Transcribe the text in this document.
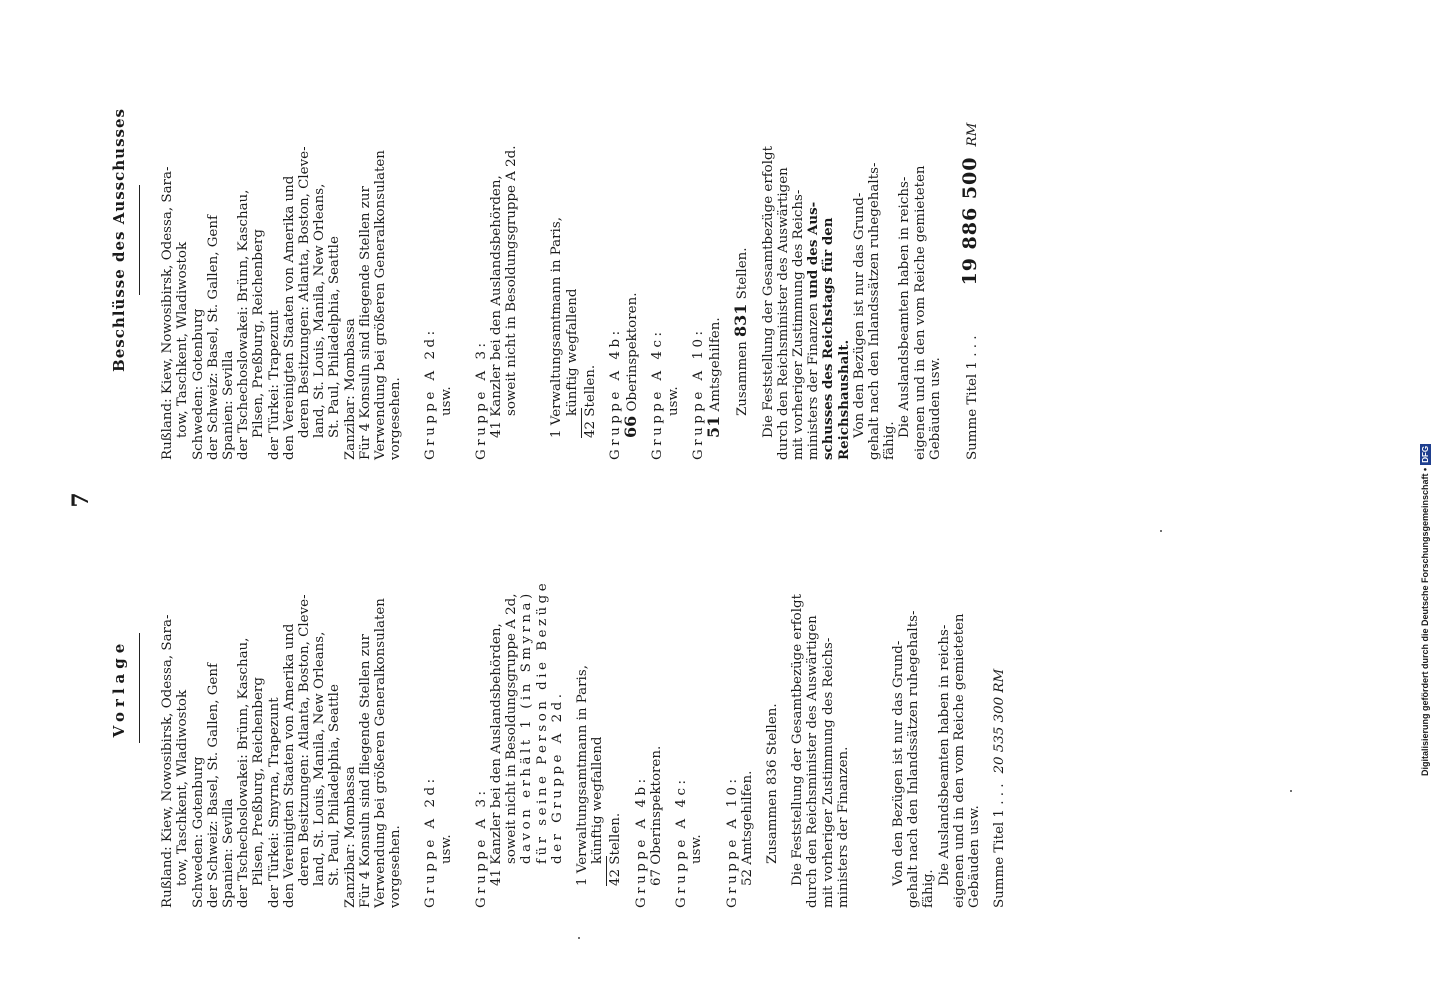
7
Vorlage Rußland: Kiew, Nowosibirsk, Odessa, Sara- tow, Taschkent, Wladiwostok Schweden: Gotenburg der Schweiz: Basel, St. Gallen, Genf Spanien: Sevilla der Tschechoslowakei: Brünn, Kaschau, Pilsen, Preßburg, Reichenberg der Türkei: Smyrna, Trapezunt den Vereinigten Staaten von Amerika und deren Besitzungen: Atlanta, Boston, Cleve- land, St. Louis, Manila, New Orleans, St. Paul, Philadelphia, Seattle Zanzibar: Mombassa Für 4 Konsuln sind fliegende Stellen zur Verwendung bei größeren Generalkonsulaten vorgesehen. Gruppe A 2d: usw. Gruppe A 3: 41 Kanzler bei den Auslandsbehörden, soweit nicht in Besoldungsgruppe A 2d, davon erhält 1 (in Smyrna) für seine Person die Bezüge der Gruppe A 2d. 1 Verwaltungsamtmann in Paris, künftig wegfallend 42 Stellen. Gruppe A 4b: 67 Oberinspektoren. Gruppe A 4c: usw. Gruppe A 10: 52 Amtsgehilfen. Zusammen 836 Stellen. Die Feststellung der Gesamtbezüge erfolgt durch den Reichsminister des Auswärtigen mit vorheriger Zustimmung des Reichs- ministers der Finanzen.	Von den Bezügen ist nur das Grund- gehalt nach den Inlandssätzen ruhegehalts- fähig.
Die Auslandsbeamten haben in reichs- eigenen und in den vom Reiche gemieteten Gebäuden usw. Summe Titel 1 . . .
20 535 300 RM
Beschlüsse des Ausschusses Rußland: Kiew, Nowosibirsk, Odessa, Sara- tow, Taschkent, Wladiwostok Schweden: Gotenburg der Schweiz: Basel, St. Gallen, Genf Spanien: Sevilla der Tschechoslowakei: Brünn, Kaschau, Pilsen, Preßburg, Reichenberg der Türkei: Trapezunt den Vereinigten Staaten von Amerika und deren Besitzungen: Atlanta, Boston, Cleve- land, St. Louis, Manila, New Orleans, St. Paul, Philadelphia, Seattle Zanzibar: Mombassa Für 4 Konsuln sind fliegende Stellen zur Verwendung bei größeren Generalkonsulaten vorgesehen. Gruppe A 2d: usw. Gruppe A 3: 41 Kanzler bei den Auslandsbehörden, soweit nicht in Besoldungsgruppe A 2d. 1 Verwaltungsamtmann in Paris, künftig wegfallend 42 Stellen. Gruppe A 4b:
66 Oberinspektoren. Gruppe A 4c: usw. Gruppe A 10:
51 Amtsgehilfen. Zusammen 831 Stellen. Die Feststellung der Gesamtbezüge erfolgt durch den Reichsminister des Auswärtigen mit vorheriger Zustimmung des Reichs- ministers der Finanzen und des Aus- schusses des Reichstags für den Reichshaushalt. Von den Bezügen ist nur das Grund- gehalt nach den Inlandssätzen ruhegehalts- fähig.
Die Auslandsbeamten haben in reichs- eigenen und in den vom Reiche gemieteten Gebäuden usw. Summe Titel 1 . . .
19 886 500
RM
Digitalisierung gefördert durch die Deutsche Forschungsgemeinschaft •DFG
